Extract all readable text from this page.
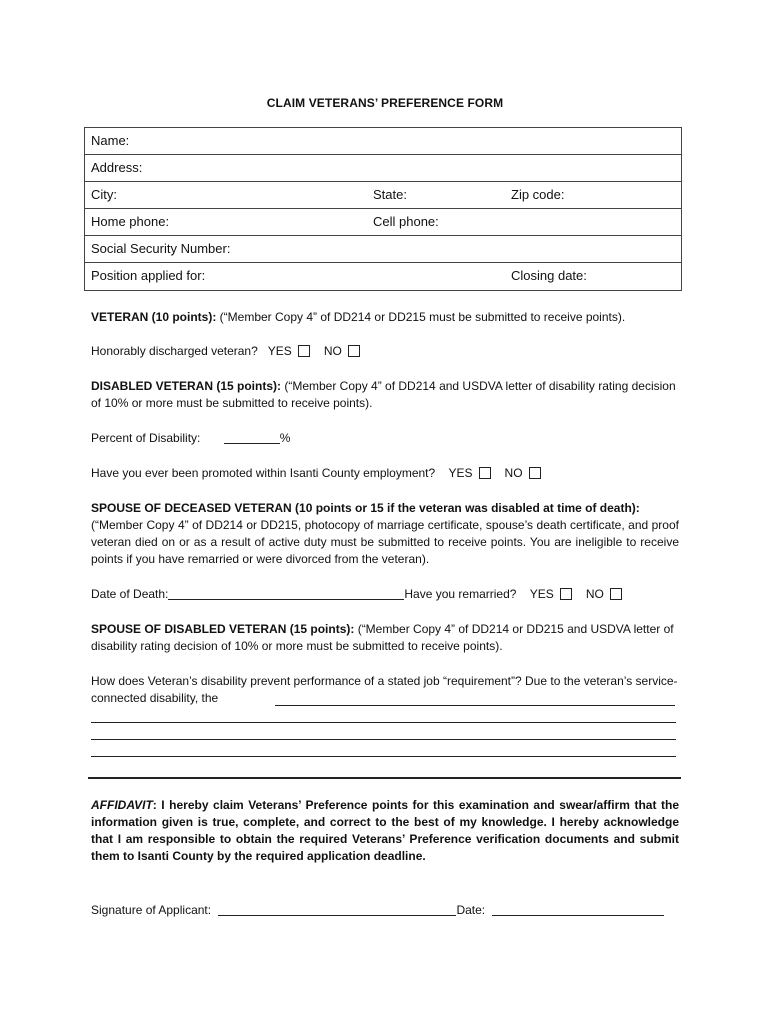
CLAIM VETERANS’ PREFERENCE FORM
Name:
Address:
City:	State:	Zip code:
Home phone:	Cell phone:
Social Security Number:
Position applied for:	Closing date:
VETERAN (10 points): (“Member Copy 4” of DD214 or DD215 must be submitted to receive points).
Honorably discharged veteran? YES	NO
DISABLED VETERAN (15 points): (“Member Copy 4” of DD214 and USDVA letter of disability rating decision of 10% or more must be submitted to receive points).
Percent of Disability:	%
Have you ever been promoted within Isanti County employment? YES	NO
SPOUSE OF DECEASED VETERAN (10 points or 15 if the veteran was disabled at time of death):
(“Member Copy 4” of DD214 or DD215, photocopy of marriage certificate, spouse’s death certificate, and proof veteran died on or as a result of active duty must be submitted to receive points. You are ineligible to receive points if you have remarried or were divorced from the veteran).
Date of Death:	Have you remarried? YES	NO
SPOUSE OF DISABLED VETERAN (15 points): (“Member Copy 4” of DD214 or DD215 and USDVA letter of disability rating decision of 10% or more must be submitted to receive points).
How does Veteran’s disability prevent performance of a stated job “requirement”? Due to the veteran’s service-connected disability, the
AFFIDAVIT: I hereby claim Veterans’ Preference points for this examination and swear/affirm that the information given is true, complete, and correct to the best of my knowledge. I hereby acknowledge that I am responsible to obtain the required Veterans’ Preference verification documents and submit them to Isanti County by the required application deadline.
Signature of Applicant:	Date:
